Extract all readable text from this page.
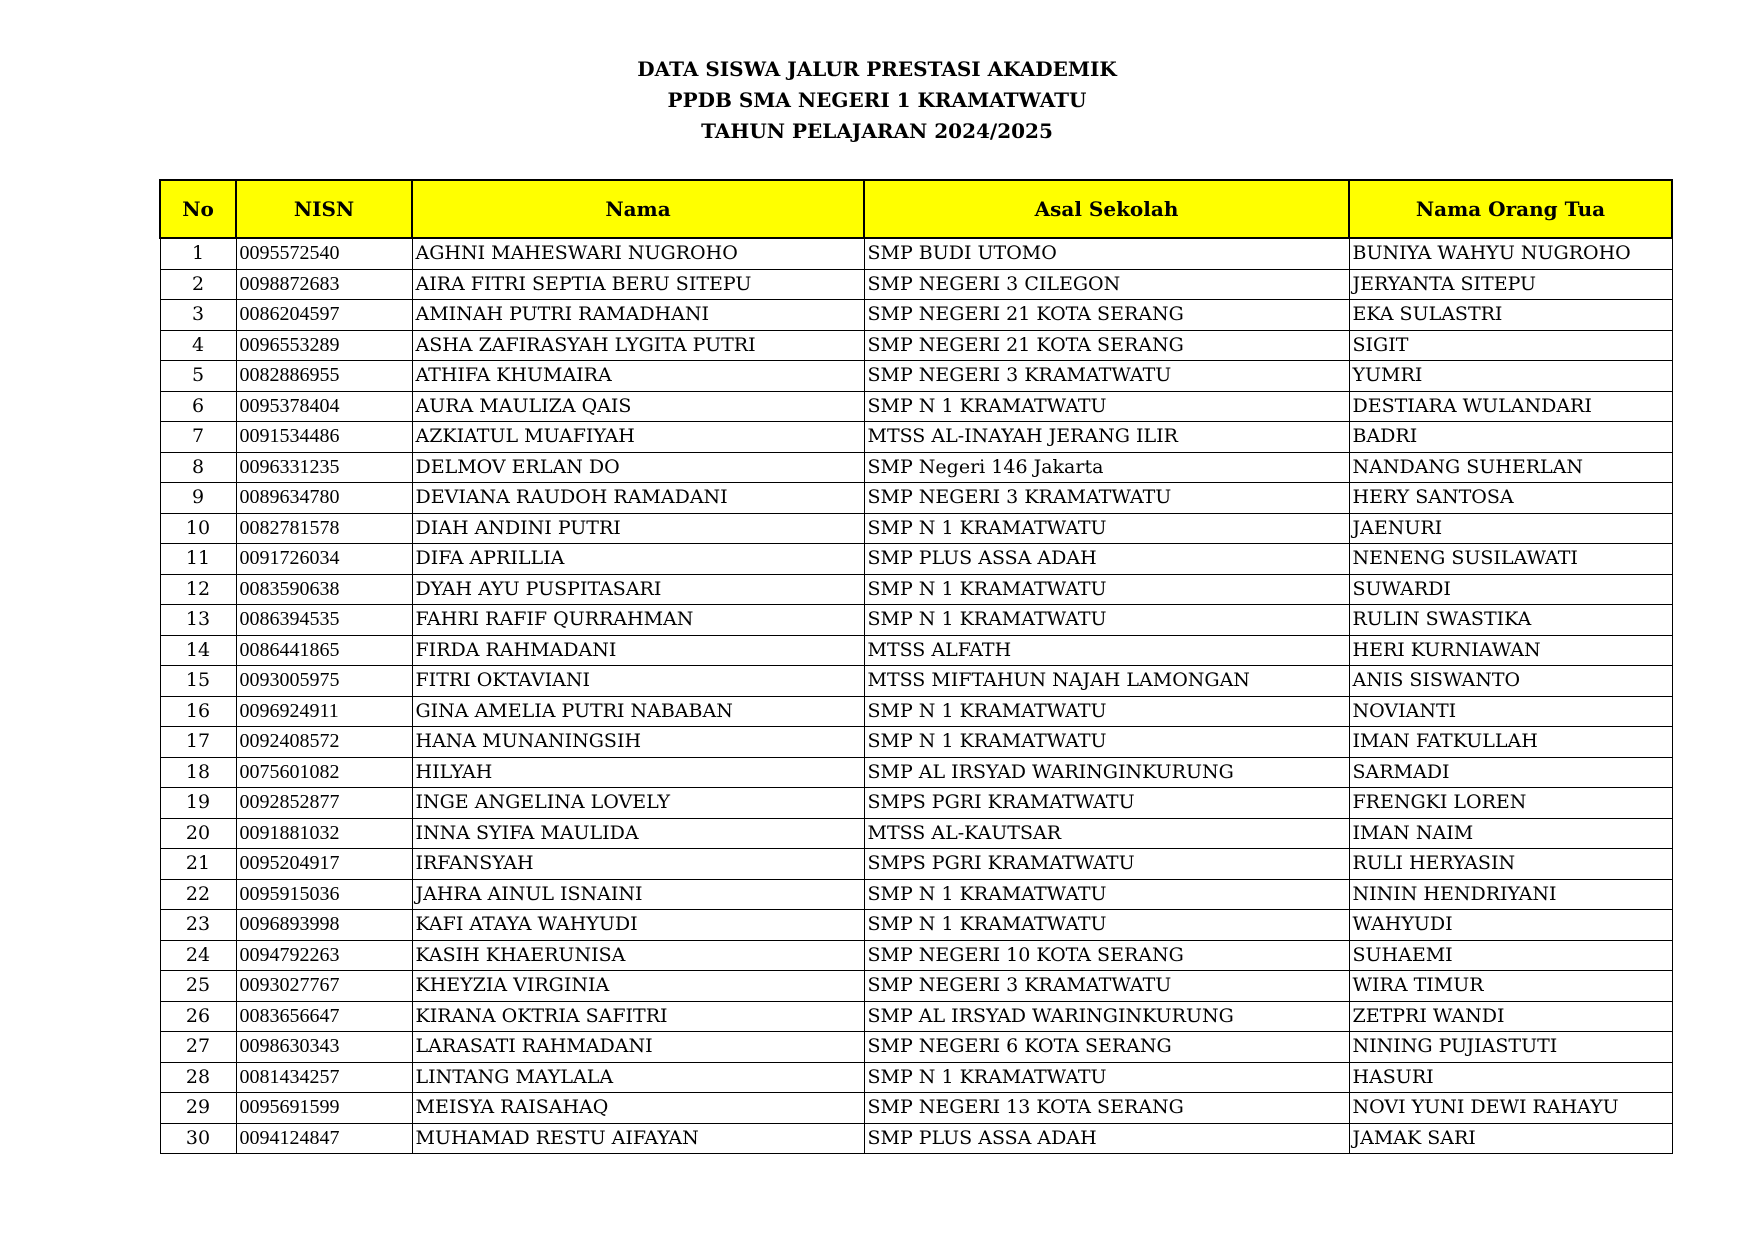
DATA SISWA JALUR PRESTASI AKADEMIK
PPDB SMA NEGERI 1 KRAMATWATU
TAHUN PELAJARAN 2024/2025
No	NISN	Nama	Asal Sekolah	Nama Orang Tua
1	0095572540	AGHNI MAHESWARI NUGROHO	SMP BUDI UTOMO	BUNIYA WAHYU NUGROHO
2	0098872683	AIRA FITRI SEPTIA BERU SITEPU	SMP NEGERI 3 CILEGON	JERYANTA SITEPU
3	0086204597	AMINAH PUTRI RAMADHANI	SMP NEGERI 21 KOTA SERANG	EKA SULASTRI
4	0096553289	ASHA ZAFIRASYAH LYGITA PUTRI	SMP NEGERI 21 KOTA SERANG	SIGIT
5	0082886955	ATHIFA KHUMAIRA	SMP NEGERI 3 KRAMATWATU	YUMRI
6	0095378404	AURA MAULIZA QAIS	SMP N 1 KRAMATWATU	DESTIARA WULANDARI
7	0091534486	AZKIATUL MUAFIYAH	MTSS AL-INAYAH JERANG ILIR	BADRI
8	0096331235	DELMOV ERLAN DO	SMP Negeri 146 Jakarta	NANDANG SUHERLAN
9	0089634780	DEVIANA RAUDOH RAMADANI	SMP NEGERI 3 KRAMATWATU	HERY SANTOSA
10	0082781578	DIAH ANDINI PUTRI	SMP N 1 KRAMATWATU	JAENURI
11	0091726034	DIFA APRILLIA	SMP PLUS ASSA ADAH	NENENG SUSILAWATI
12	0083590638	DYAH AYU PUSPITASARI	SMP N 1 KRAMATWATU	SUWARDI
13	0086394535	FAHRI RAFIF QURRAHMAN	SMP N 1 KRAMATWATU	RULIN SWASTIKA
14	0086441865	FIRDA RAHMADANI	MTSS ALFATH	HERI KURNIAWAN
15	0093005975	FITRI OKTAVIANI	MTSS MIFTAHUN NAJAH LAMONGAN	ANIS SISWANTO
16	0096924911	GINA AMELIA PUTRI NABABAN	SMP N 1 KRAMATWATU	NOVIANTI
17	0092408572	HANA MUNANINGSIH	SMP N 1 KRAMATWATU	IMAN FATKULLAH
18	0075601082	HILYAH	SMP AL IRSYAD WARINGINKURUNG	SARMADI
19	0092852877	INGE ANGELINA LOVELY	SMPS PGRI KRAMATWATU	FRENGKI LOREN
20	0091881032	INNA SYIFA MAULIDA	MTSS AL-KAUTSAR	IMAN NAIM
21	0095204917	IRFANSYAH	SMPS PGRI KRAMATWATU	RULI HERYASIN
22	0095915036	JAHRA AINUL ISNAINI	SMP N 1 KRAMATWATU	NININ HENDRIYANI
23	0096893998	KAFI ATAYA WAHYUDI	SMP N 1 KRAMATWATU	WAHYUDI
24	0094792263	KASIH KHAERUNISA	SMP NEGERI 10 KOTA SERANG	SUHAEMI
25	0093027767	KHEYZIA VIRGINIA	SMP NEGERI 3 KRAMATWATU	WIRA TIMUR
26	0083656647	KIRANA OKTRIA SAFITRI	SMP AL IRSYAD WARINGINKURUNG	ZETPRI WANDI
27	0098630343	LARASATI RAHMADANI	SMP NEGERI 6 KOTA SERANG	NINING PUJIASTUTI
28	0081434257	LINTANG MAYLALA	SMP N 1 KRAMATWATU	HASURI
29	0095691599	MEISYA RAISAHAQ	SMP NEGERI 13 KOTA SERANG	NOVI YUNI DEWI RAHAYU
30	0094124847	MUHAMAD RESTU AIFAYAN	SMP PLUS ASSA ADAH	JAMAK SARI
